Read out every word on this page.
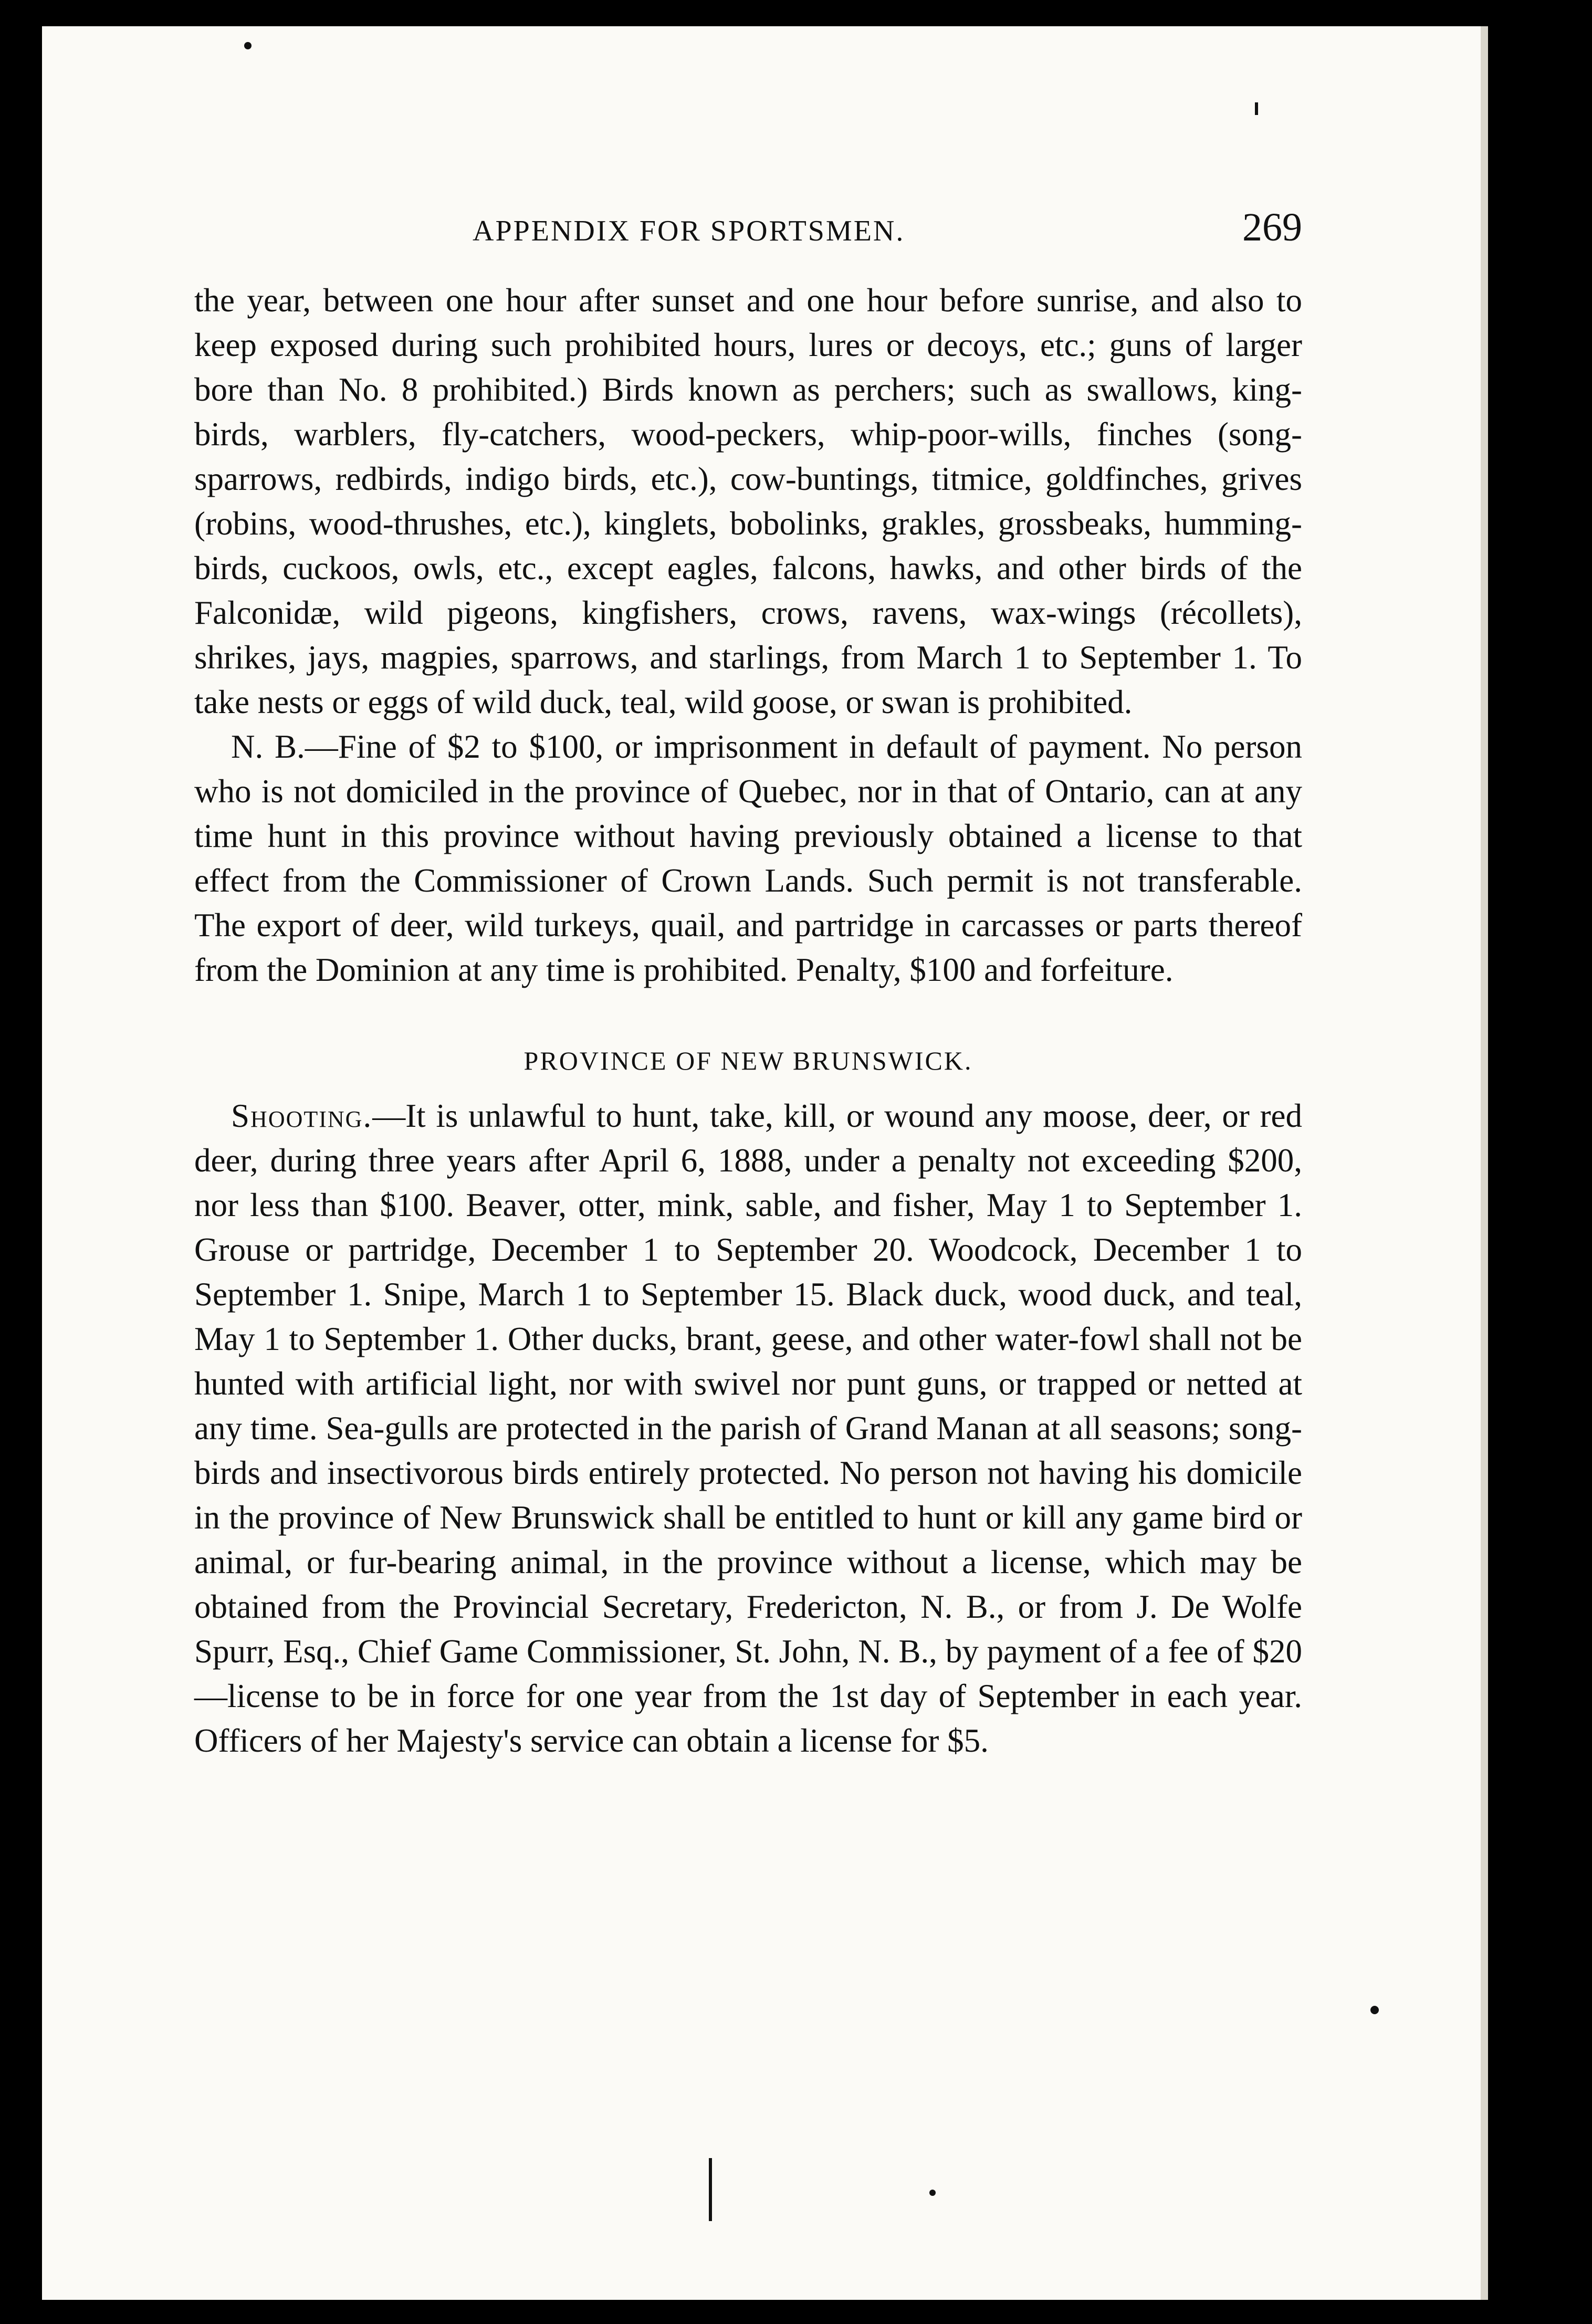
APPENDIX FOR SPORTSMEN.	269

the year, between one hour after sunset and one hour before sunrise, and also to keep exposed during such prohibited hours, lures or decoys, etc.; guns of larger bore than No. 8 prohibited.) Birds known as perchers; such as swallows, king-birds, warblers, fly-catchers, wood-peckers, whip-poor-wills, finches (song-sparrows, redbirds, indigo birds, etc.), cow-buntings, titmice, goldfinches, grives (robins, wood-thrushes, etc.), kinglets, bobolinks, grakles, grossbeaks, humming-birds, cuckoos, owls, etc., except eagles, falcons, hawks, and other birds of the Falconidæ, wild pigeons, kingfishers, crows, ravens, wax-wings (récollets), shrikes, jays, magpies, sparrows, and starlings, from March 1 to September 1. To take nests or eggs of wild duck, teal, wild goose, or swan is prohibited.

N. B.—Fine of $2 to $100, or imprisonment in default of payment. No person who is not domiciled in the province of Quebec, nor in that of Ontario, can at any time hunt in this province without having previously obtained a license to that effect from the Commissioner of Crown Lands. Such permit is not transferable. The export of deer, wild turkeys, quail, and partridge in carcasses or parts thereof from the Dominion at any time is prohibited. Penalty, $100 and forfeiture.

PROVINCE OF NEW BRUNSWICK.

Shooting.—It is unlawful to hunt, take, kill, or wound any moose, deer, or red deer, during three years after April 6, 1888, under a penalty not exceeding $200, nor less than $100. Beaver, otter, mink, sable, and fisher, May 1 to September 1. Grouse or partridge, December 1 to September 20. Woodcock, December 1 to September 1. Snipe, March 1 to September 15. Black duck, wood duck, and teal, May 1 to September 1. Other ducks, brant, geese, and other water-fowl shall not be hunted with artificial light, nor with swivel nor punt guns, or trapped or netted at any time. Sea-gulls are protected in the parish of Grand Manan at all seasons; song-birds and insectivorous birds entirely protected. No person not having his domicile in the province of New Brunswick shall be entitled to hunt or kill any game bird or animal, or fur-bearing animal, in the province without a license, which may be obtained from the Provincial Secretary, Fredericton, N. B., or from J. De Wolfe Spurr, Esq., Chief Game Commissioner, St. John, N. B., by payment of a fee of $20—license to be in force for one year from the 1st day of September in each year. Officers of her Majesty's service can obtain a license for $5.
